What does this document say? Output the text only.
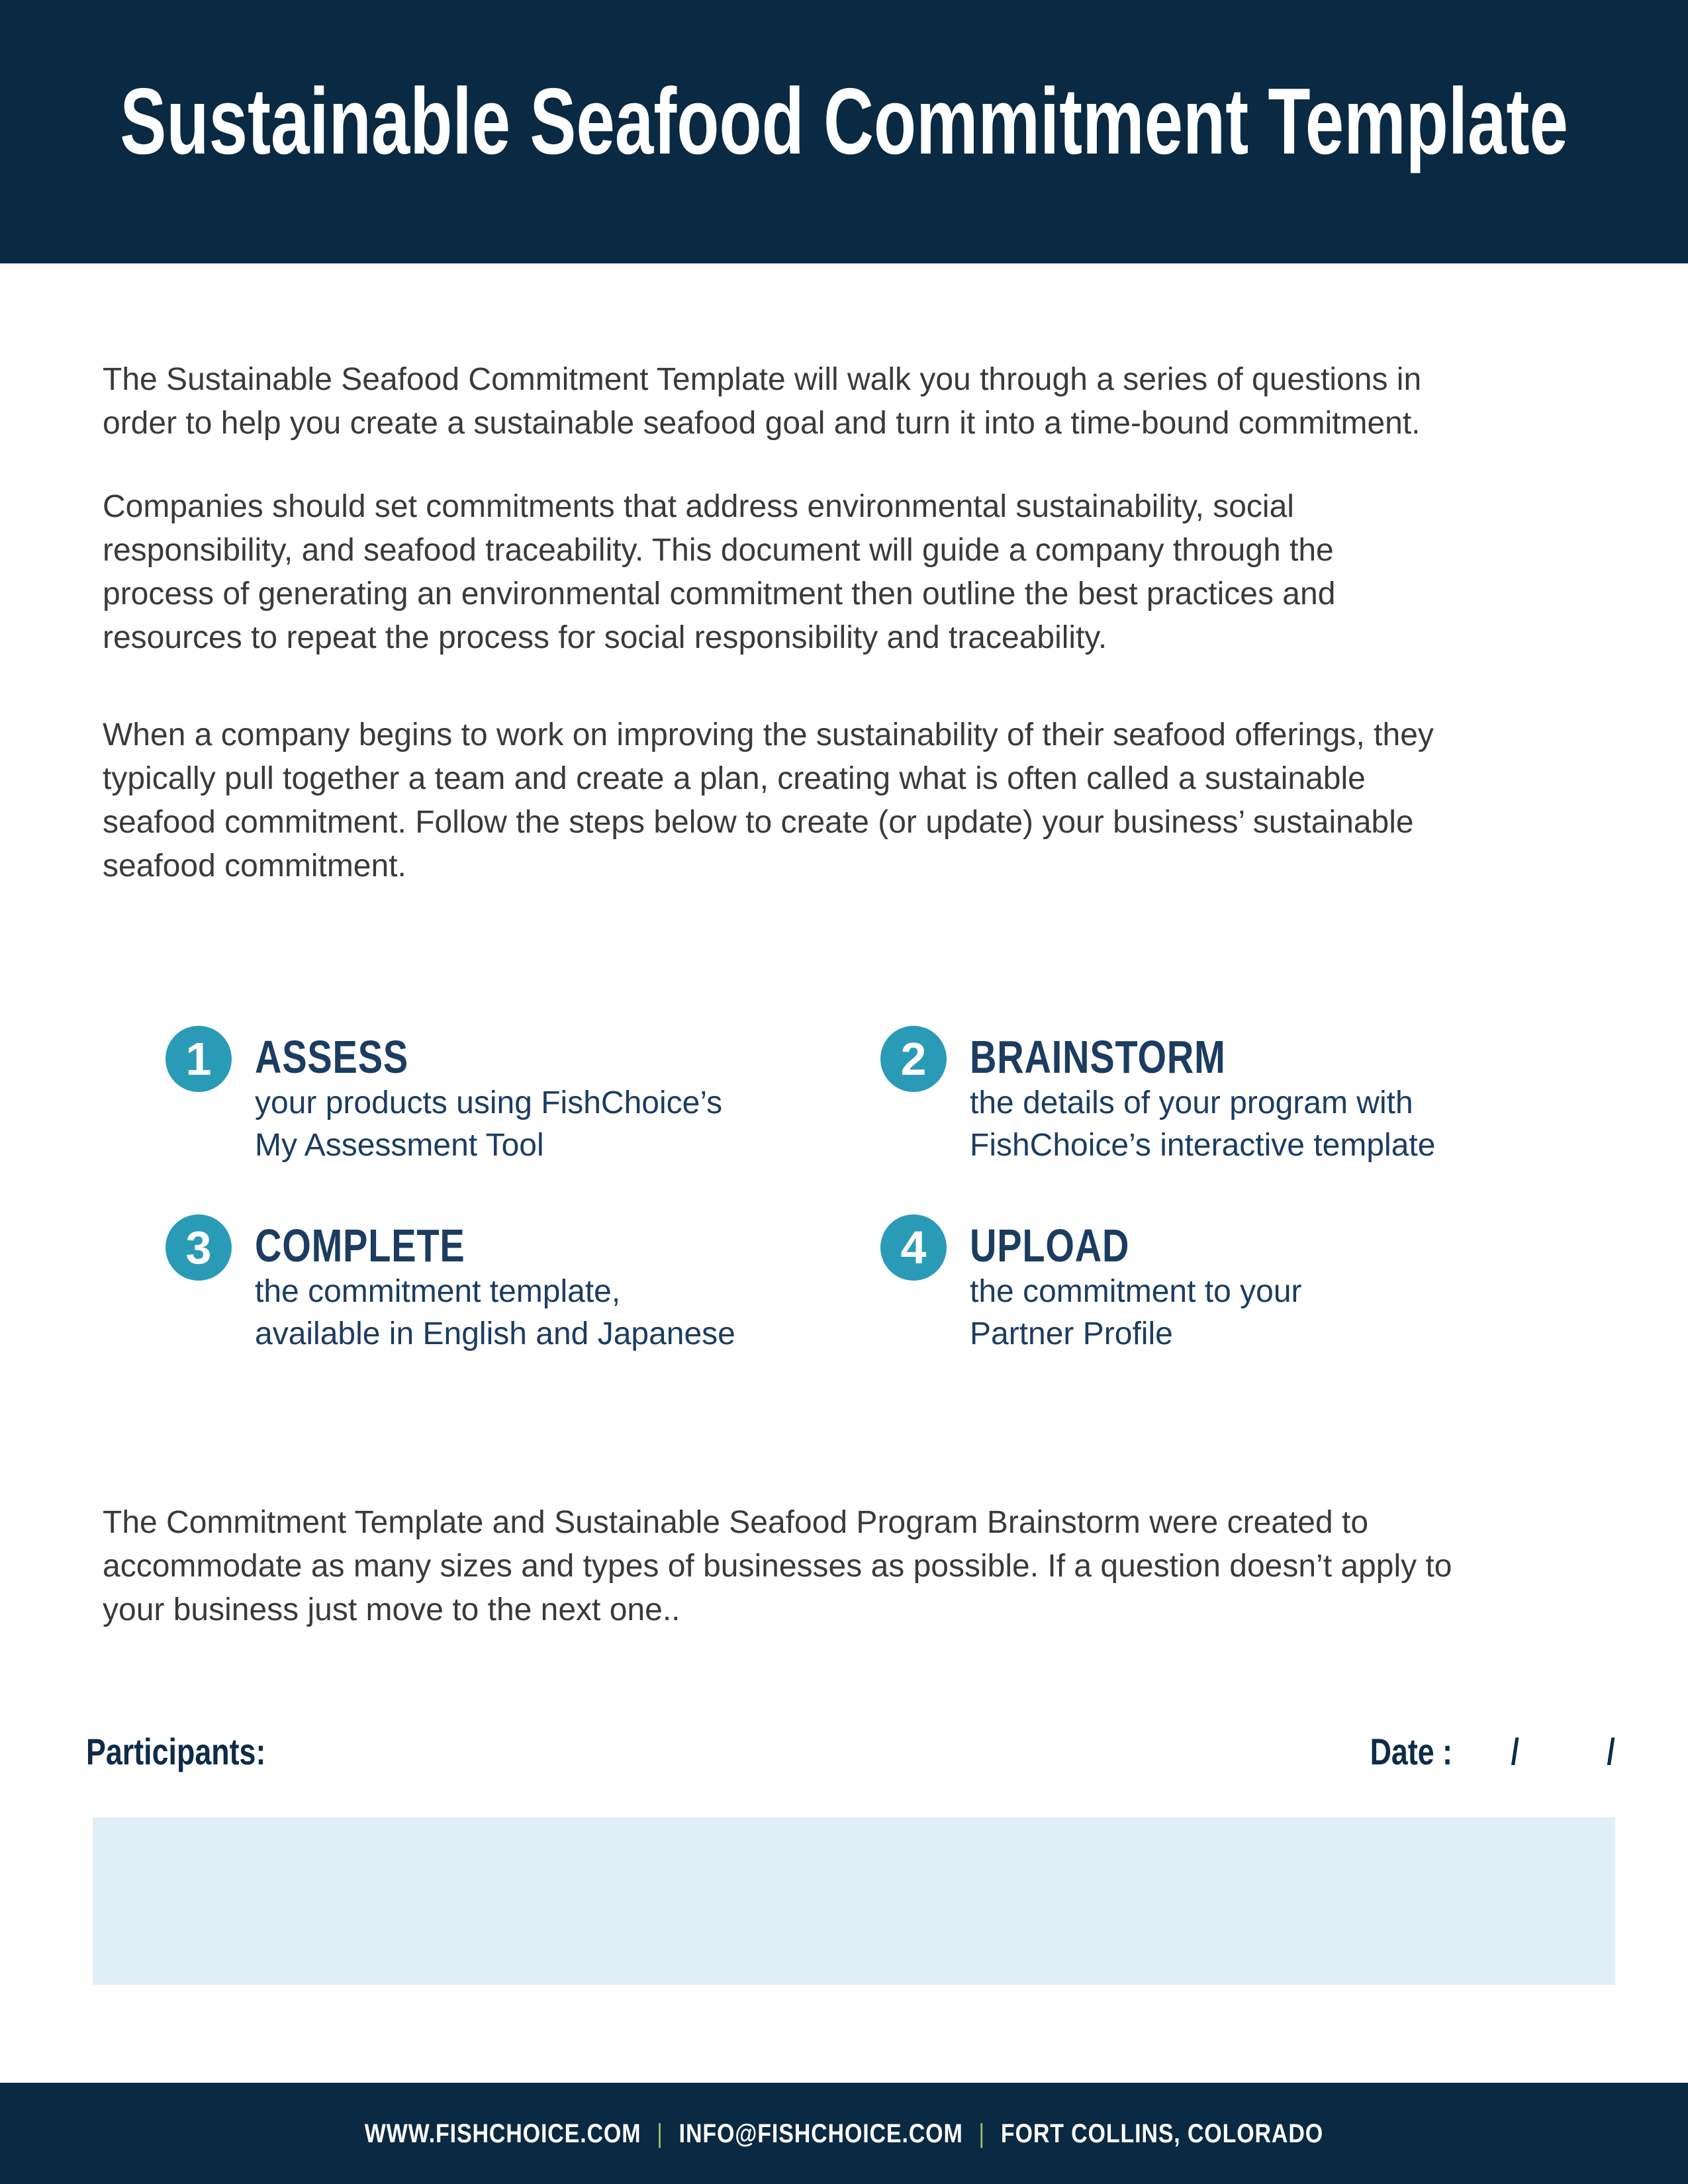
Sustainable Seafood Commitment Template
The Sustainable Seafood Commitment Template will walk you through a series of questions in
order to help you create a sustainable seafood goal and turn it into a time-bound commitment.
Companies should set commitments that address environmental sustainability, social
responsibility, and seafood traceability. This document will guide a company through the
process of generating an environmental commitment then outline the best practices and
resources to repeat the process for social responsibility and traceability.
When a company begins to work on improving the sustainability of their seafood offerings, they
typically pull together a team and create a plan, creating what is often called a sustainable
seafood commitment. Follow the steps below to create (or update) your business’ sustainable
seafood commitment.
1 ASSESS
your products using FishChoice’s
My Assessment Tool
2 BRAINSTORM
the details of your program with
FishChoice’s interactive template
3 COMPLETE
the commitment template,
available in English and Japanese
4 UPLOAD
the commitment to your
Partner Profile
The Commitment Template and Sustainable Seafood Program Brainstorm were created to
accommodate as many sizes and types of businesses as possible. If a question doesn’t apply to
your business just move to the next one..
Participants:	Date : / /
WWW.FISHCHOICE.COM | INFO@FISHCHOICE.COM | FORT COLLINS, COLORADO
